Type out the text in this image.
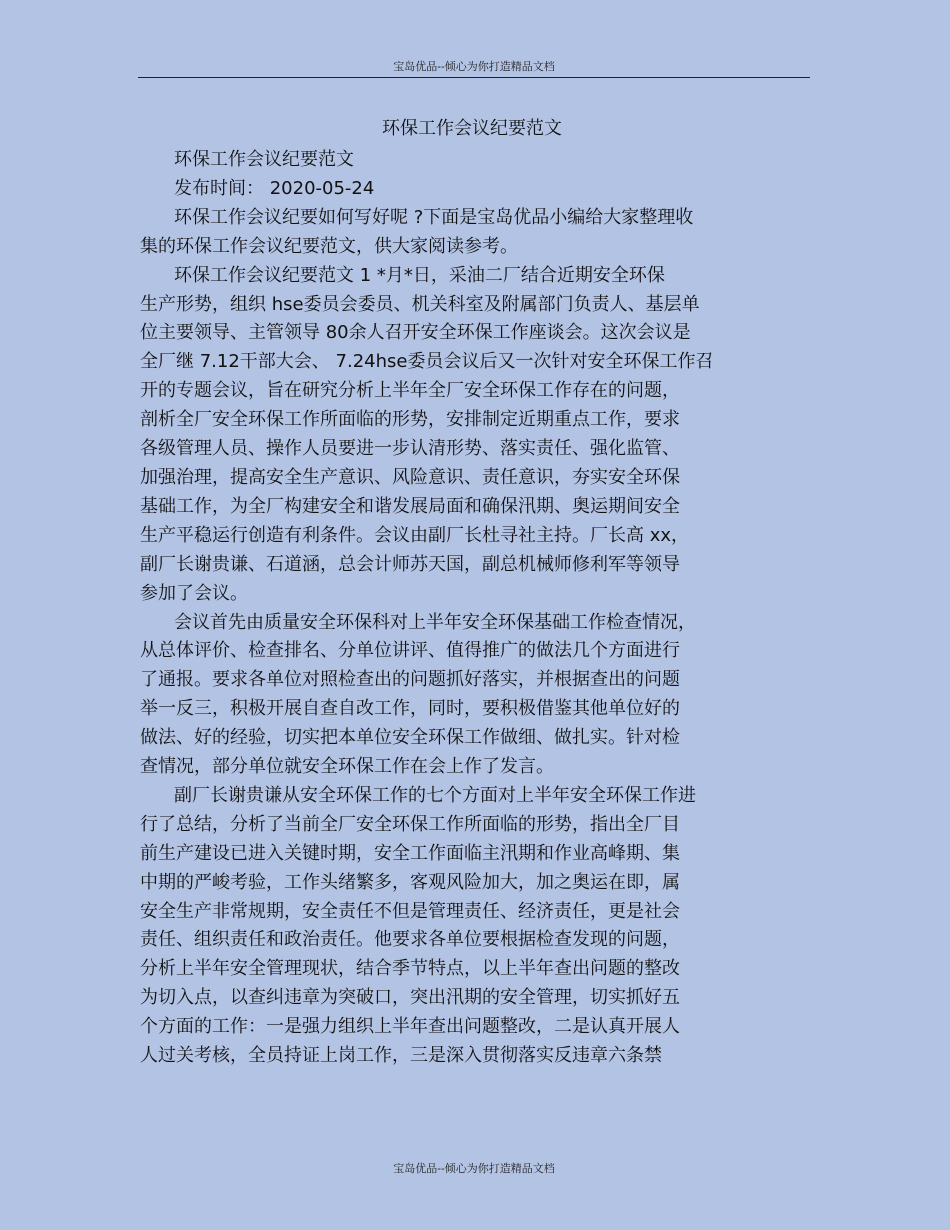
宝岛优品--倾心为你打造精品文档
环保工作会议纪要范文

环保工作会议纪要范文

发布时间： 2020-05-24

环保工作会议纪要如何写好呢 ?下面是宝岛优品小编给大家整理收

集的环保工作会议纪要范文，供大家阅读参考。

环保工作会议纪要范文 1 *月*日，采油二厂结合近期安全环保

生产形势，组织 hse委员会委员、机关科室及附属部门负责人、基层单

位主要领导、主管领导 80余人召开安全环保工作座谈会。这次会议是

全厂继 7.12干部大会、 7.24hse委员会议后又一次针对安全环保工作召

开的专题会议，旨在研究分析上半年全厂安全环保工作存在的问题，

剖析全厂安全环保工作所面临的形势，安排制定近期重点工作，要求

各级管理人员、操作人员要进一步认清形势、落实责任、强化监管、

加强治理，提高安全生产意识、风险意识、责任意识，夯实安全环保

基础工作，为全厂构建安全和谐发展局面和确保汛期、奥运期间安全

生产平稳运行创造有利条件。会议由副厂长杜寻社主持。厂长高 xx，

副厂长谢贵谦、石道涵，总会计师苏天国，副总机械师修利军等领导

参加了会议。

会议首先由质量安全环保科对上半年安全环保基础工作检查情况，

从总体评价、检查排名、分单位讲评、值得推广的做法几个方面进行

了通报。要求各单位对照检查出的问题抓好落实，并根据查出的问题

举一反三，积极开展自查自改工作，同时，要积极借鉴其他单位好的

做法、好的经验，切实把本单位安全环保工作做细、做扎实。针对检

查情况，部分单位就安全环保工作在会上作了发言。

副厂长谢贵谦从安全环保工作的七个方面对上半年安全环保工作进

行了总结，分析了当前全厂安全环保工作所面临的形势，指出全厂目

前生产建设已进入关键时期，安全工作面临主汛期和作业高峰期、集

中期的严峻考验，工作头绪繁多，客观风险加大，加之奥运在即，属

安全生产非常规期，安全责任不但是管理责任、经济责任，更是社会

责任、组织责任和政治责任。他要求各单位要根据检查发现的问题，

分析上半年安全管理现状，结合季节特点，以上半年查出问题的整改

为切入点，以查纠违章为突破口，突出汛期的安全管理，切实抓好五

个方面的工作：一是强力组织上半年查出问题整改，二是认真开展人

人过关考核，全员持证上岗工作，三是深入贯彻落实反违章六条禁

宝岛优品--倾心为你打造精品文档
